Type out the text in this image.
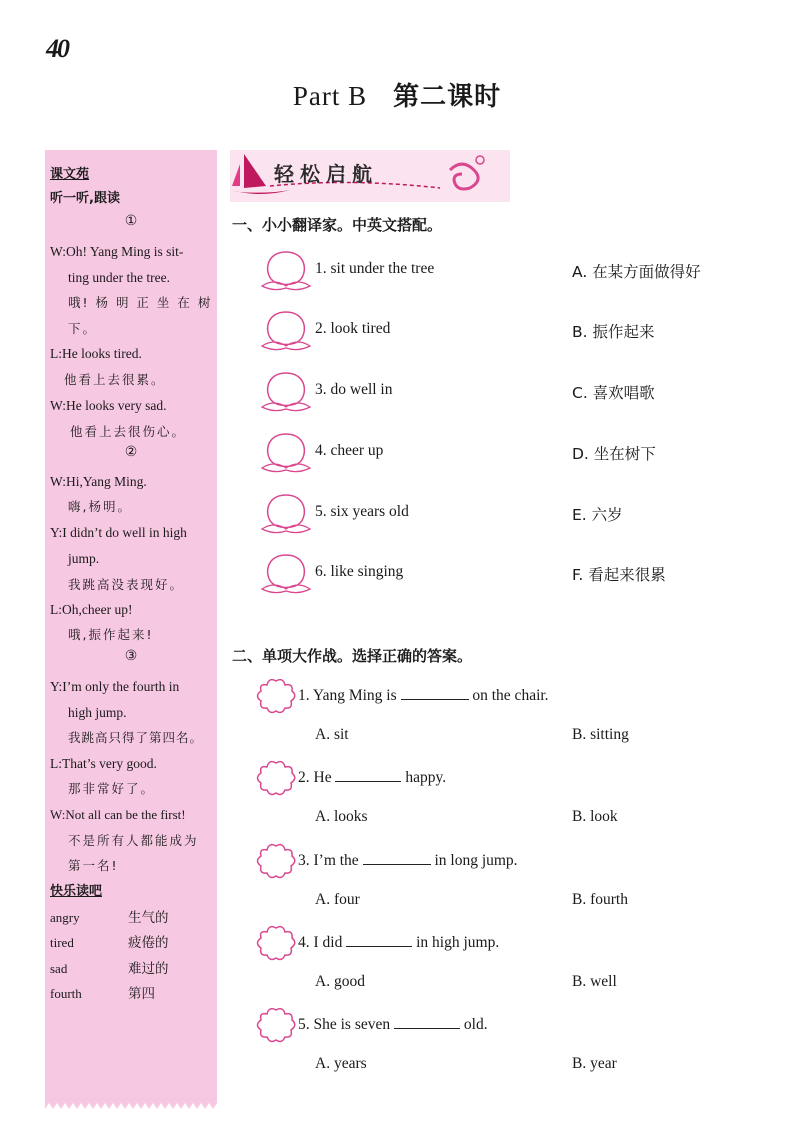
40
Part B 第二课时
课文苑
听一听,跟读
①
W:Oh! Yang Ming is sit-
ting under the tree.
哦! 杨 明 正 坐 在 树
下。
L:He looks tired.
他看上去很累。
W:He looks very sad.
他看上去很伤心。
②
W:Hi,Yang Ming.
嗨,杨明。
Y:I didn’t do well in high
jump.
我跳高没表现好。
L:Oh,cheer up!
哦,振作起来!
③
Y:I’m only the fourth in
high jump.
我跳高只得了第四名。
L:That’s very good.
那非常好了。
W:Not all can be the first!
不是所有人都能成为
第一名!
快乐读吧
angry	生气的
tired	疲倦的
sad	难过的
fourth	第四
轻松启航
一、小小翻译家。中英文搭配。
1. sit under the tree	A. 在某方面做得好
2. look tired	B. 振作起来
3. do well in	C. 喜欢唱歌
4. cheer up	D. 坐在树下
5. six years old	E. 六岁
6. like singing	F. 看起来很累
二、单项大作战。选择正确的答案。
1. Yang Ming is	on the chair.
A. sit	B. sitting
2. He	happy.
A. looks	B. look
3. I’m the	in long jump.
A. four	B. fourth
4. I did	in high jump.
A. good	B. well
5. She is seven	old.
A. years	B. year
